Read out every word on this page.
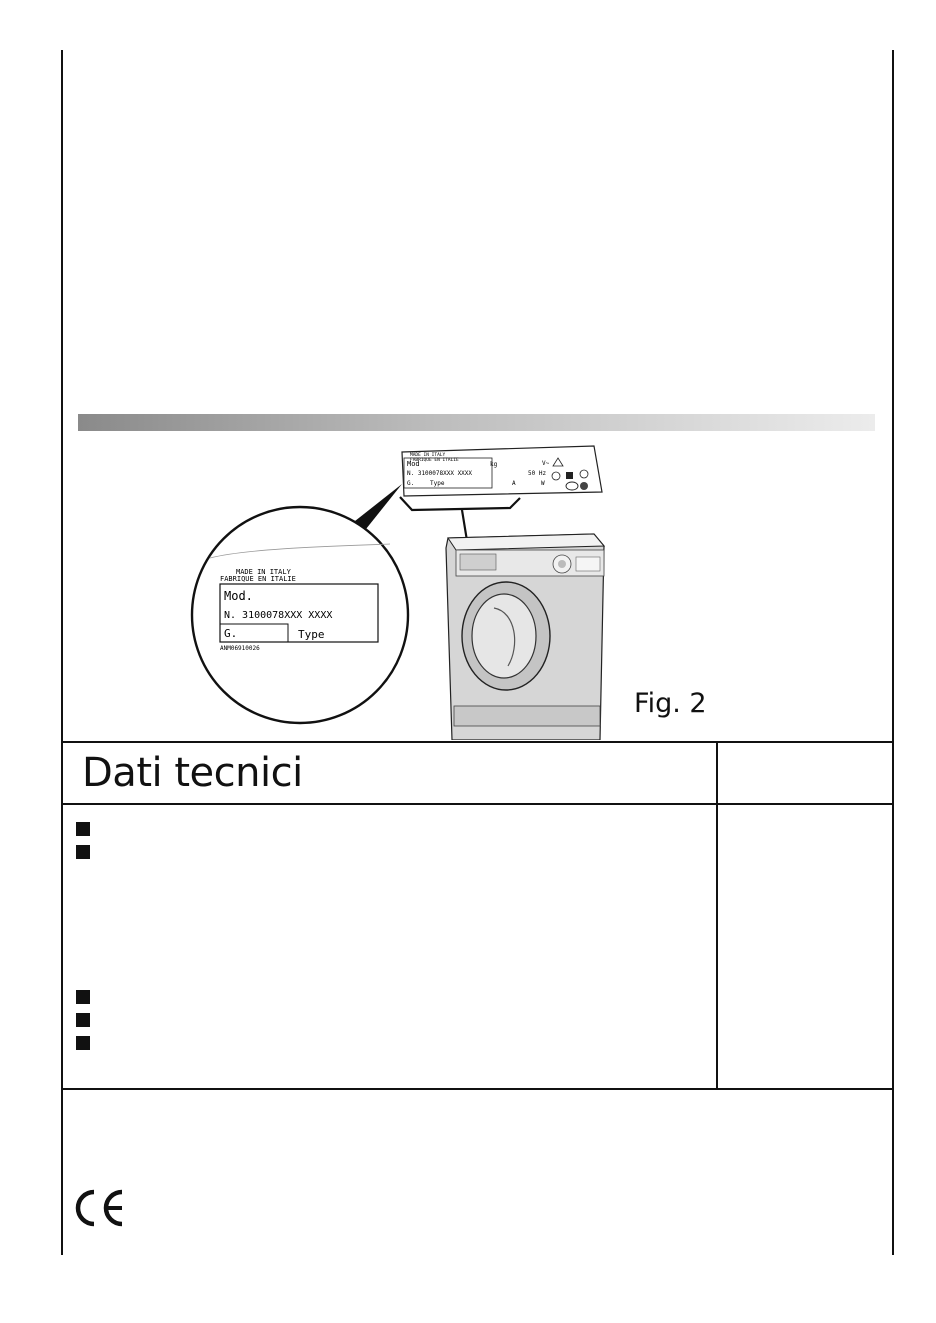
MADE IN ITALY
FABRIQUE EN ITALIE
Mod
N. 3100078XXX XXXX
G.	Type
kg
50 Hz
V~
W
A
MADE IN ITALY
FABRIQUE EN ITALIE
Mod.
N. 3100078XXX XXXX
G.	Type
ANM06910026
Fig. 2
Dati tecnici
